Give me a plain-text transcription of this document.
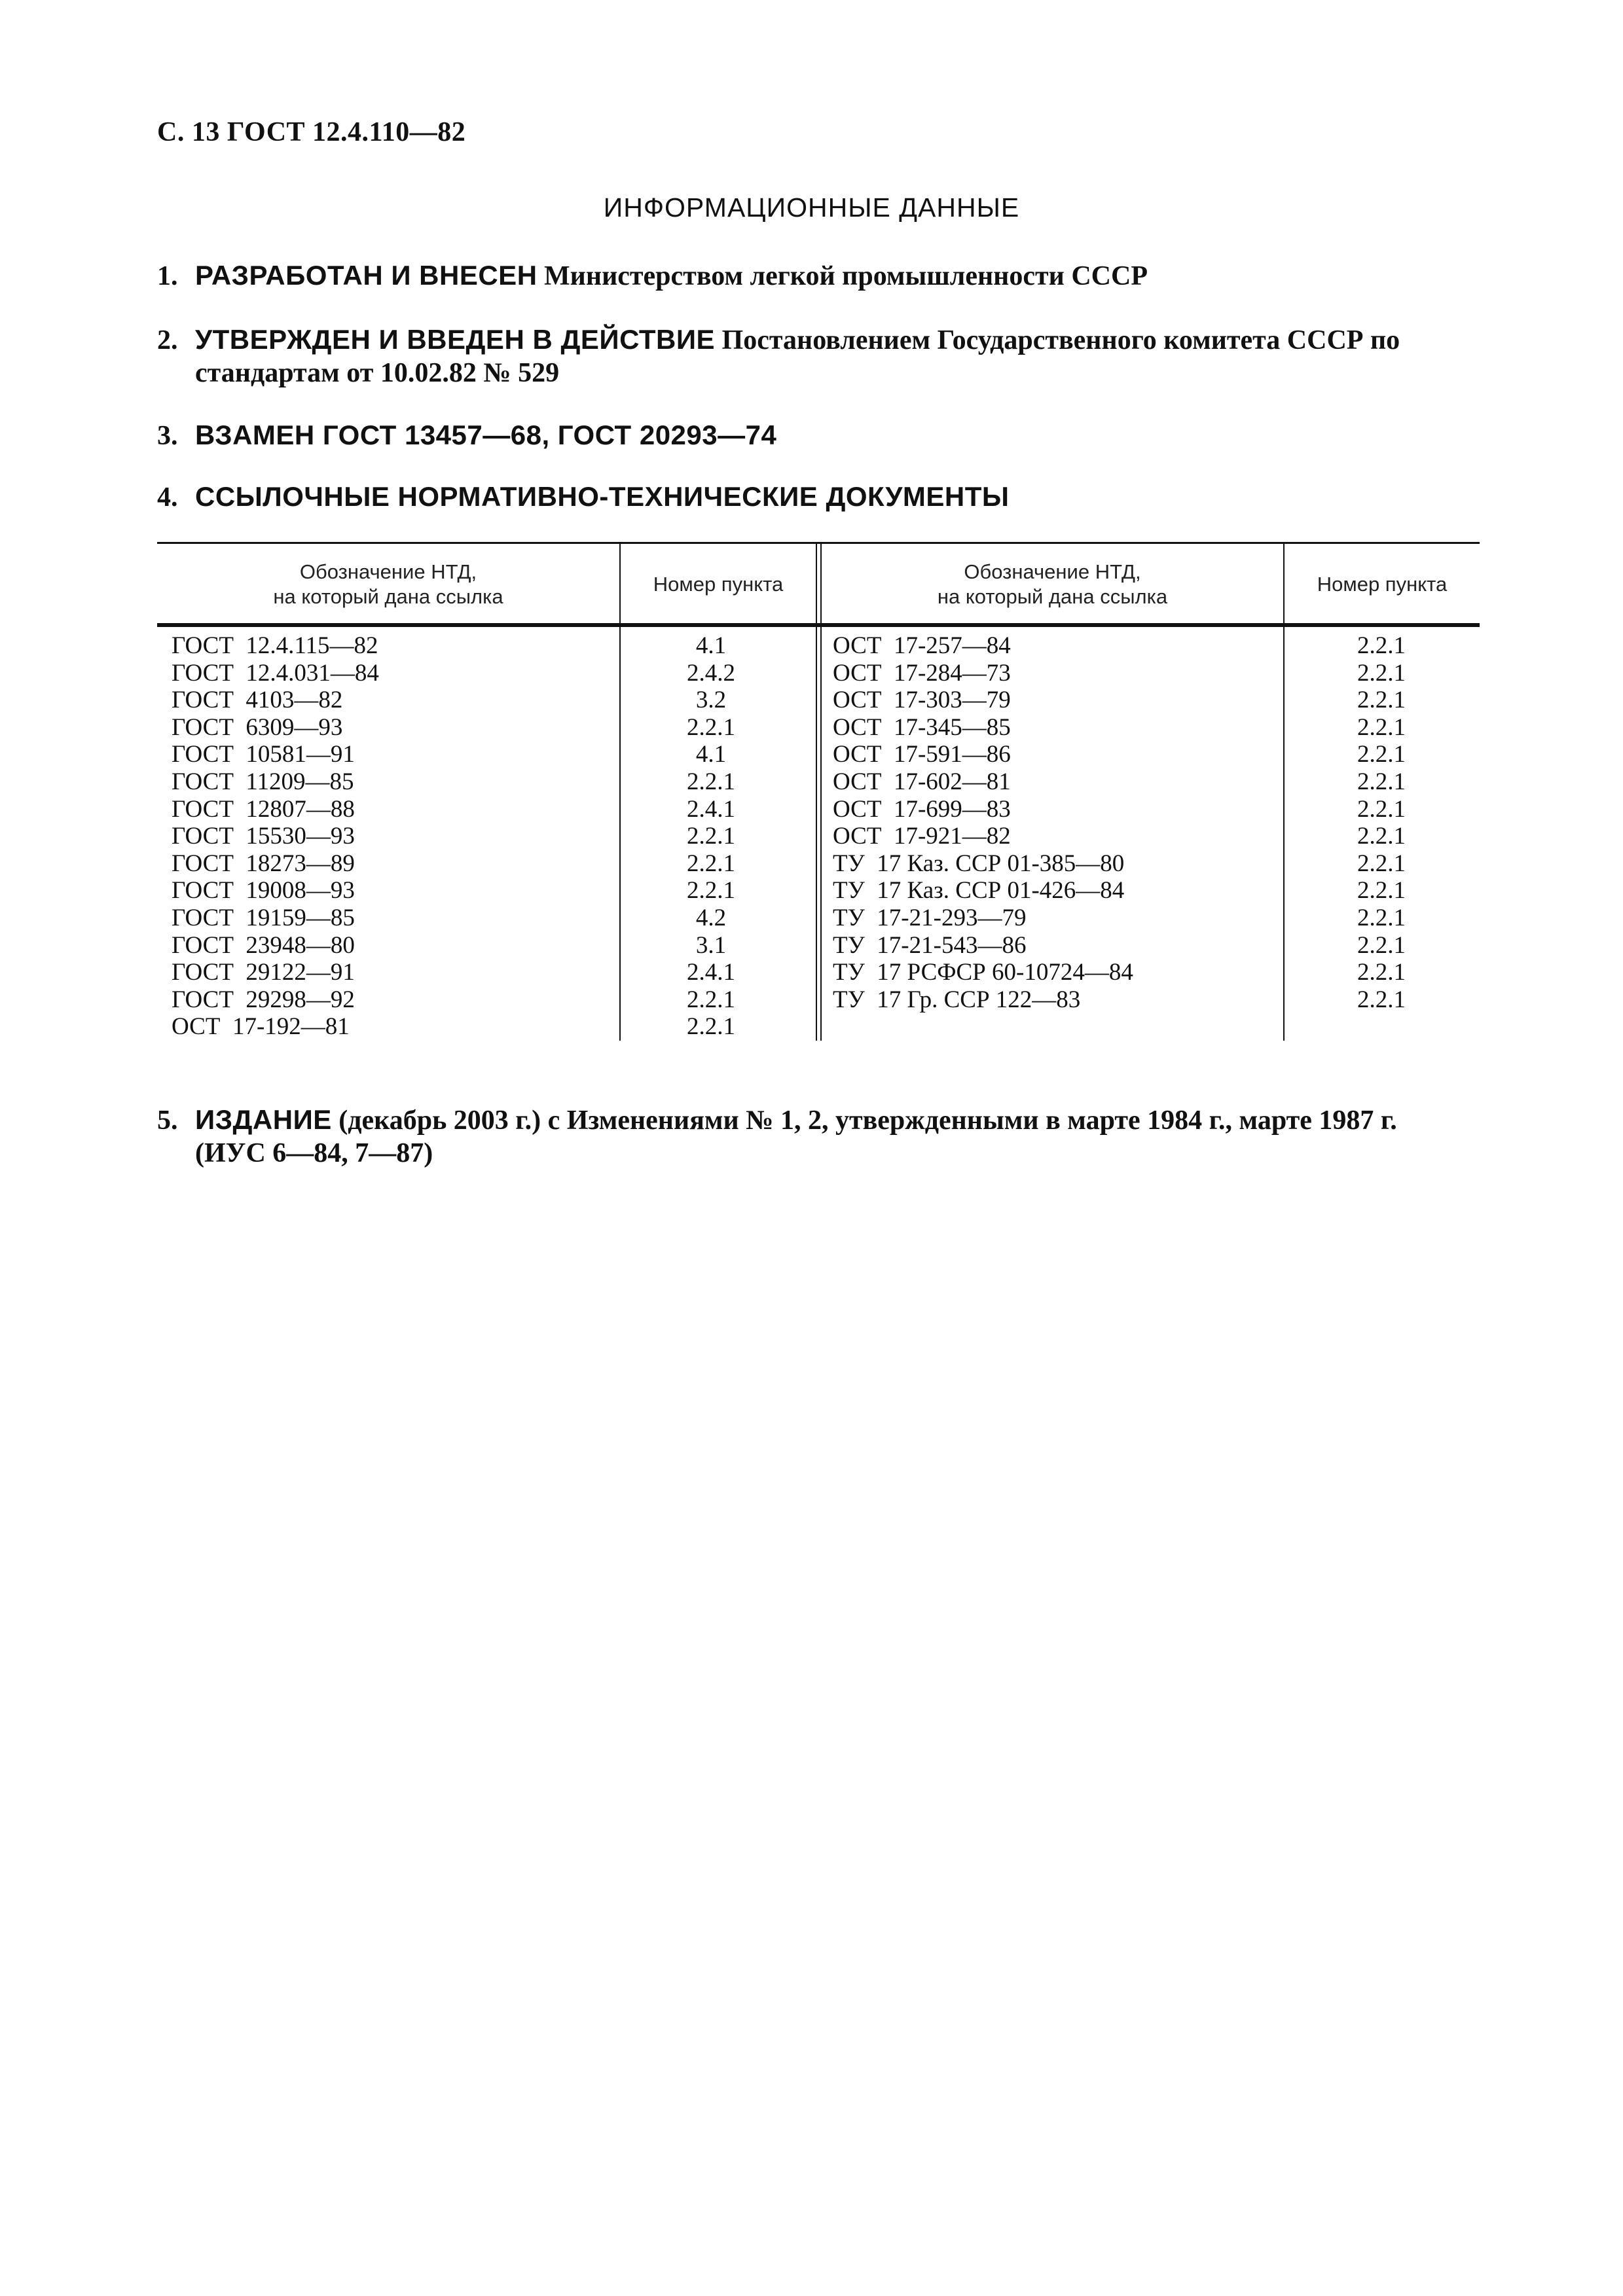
С. 13 ГОСТ 12.4.110—82
ИНФОРМАЦИОННЫЕ ДАННЫЕ
1. РАЗРАБОТАН И ВНЕСЕН Министерством легкой промышленности СССР
2. УТВЕРЖДЕН И ВВЕДЕН В ДЕЙСТВИЕ Постановлением Государственного комитета СССР по
стандартам от 10.02.82 № 529
3. ВЗАМЕН ГОСТ 13457—68, ГОСТ 20293—74
4. ССЫЛОЧНЫЕ НОРМАТИВНО-ТЕХНИЧЕСКИЕ ДОКУМЕНТЫ
Обозначение НТД,
на который дана ссылка
Номер пункта
Обозначение НТД,
на который дана ссылка
Номер пункта
ГОСТ  12.4.115—82
ГОСТ  12.4.031—84
ГОСТ  4103—82
ГОСТ  6309—93
ГОСТ  10581—91
ГОСТ  11209—85
ГОСТ  12807—88
ГОСТ  15530—93
ГОСТ  18273—89
ГОСТ  19008—93
ГОСТ  19159—85
ГОСТ  23948—80
ГОСТ  29122—91
ГОСТ  29298—92
ОСТ  17-192—81
4.1
2.4.2
3.2
2.2.1
4.1
2.2.1
2.4.1
2.2.1
2.2.1
2.2.1
4.2
3.1
2.4.1
2.2.1
2.2.1
ОСТ  17-257—84
ОСТ  17-284—73
ОСТ  17-303—79
ОСТ  17-345—85
ОСТ  17-591—86
ОСТ  17-602—81
ОСТ  17-699—83
ОСТ  17-921—82
ТУ  17 Каз. ССР 01-385—80
ТУ  17 Каз. ССР 01-426—84
ТУ  17-21-293—79
ТУ  17-21-543—86
ТУ  17 РСФСР 60-10724—84
ТУ  17 Гр. ССР 122—83
2.2.1
2.2.1
2.2.1
2.2.1
2.2.1
2.2.1
2.2.1
2.2.1
2.2.1
2.2.1
2.2.1
2.2.1
2.2.1
2.2.1
5. ИЗДАНИЕ (декабрь 2003 г.) с Изменениями № 1, 2, утвержденными в марте 1984 г., марте 1987 г.
(ИУС 6—84, 7—87)
